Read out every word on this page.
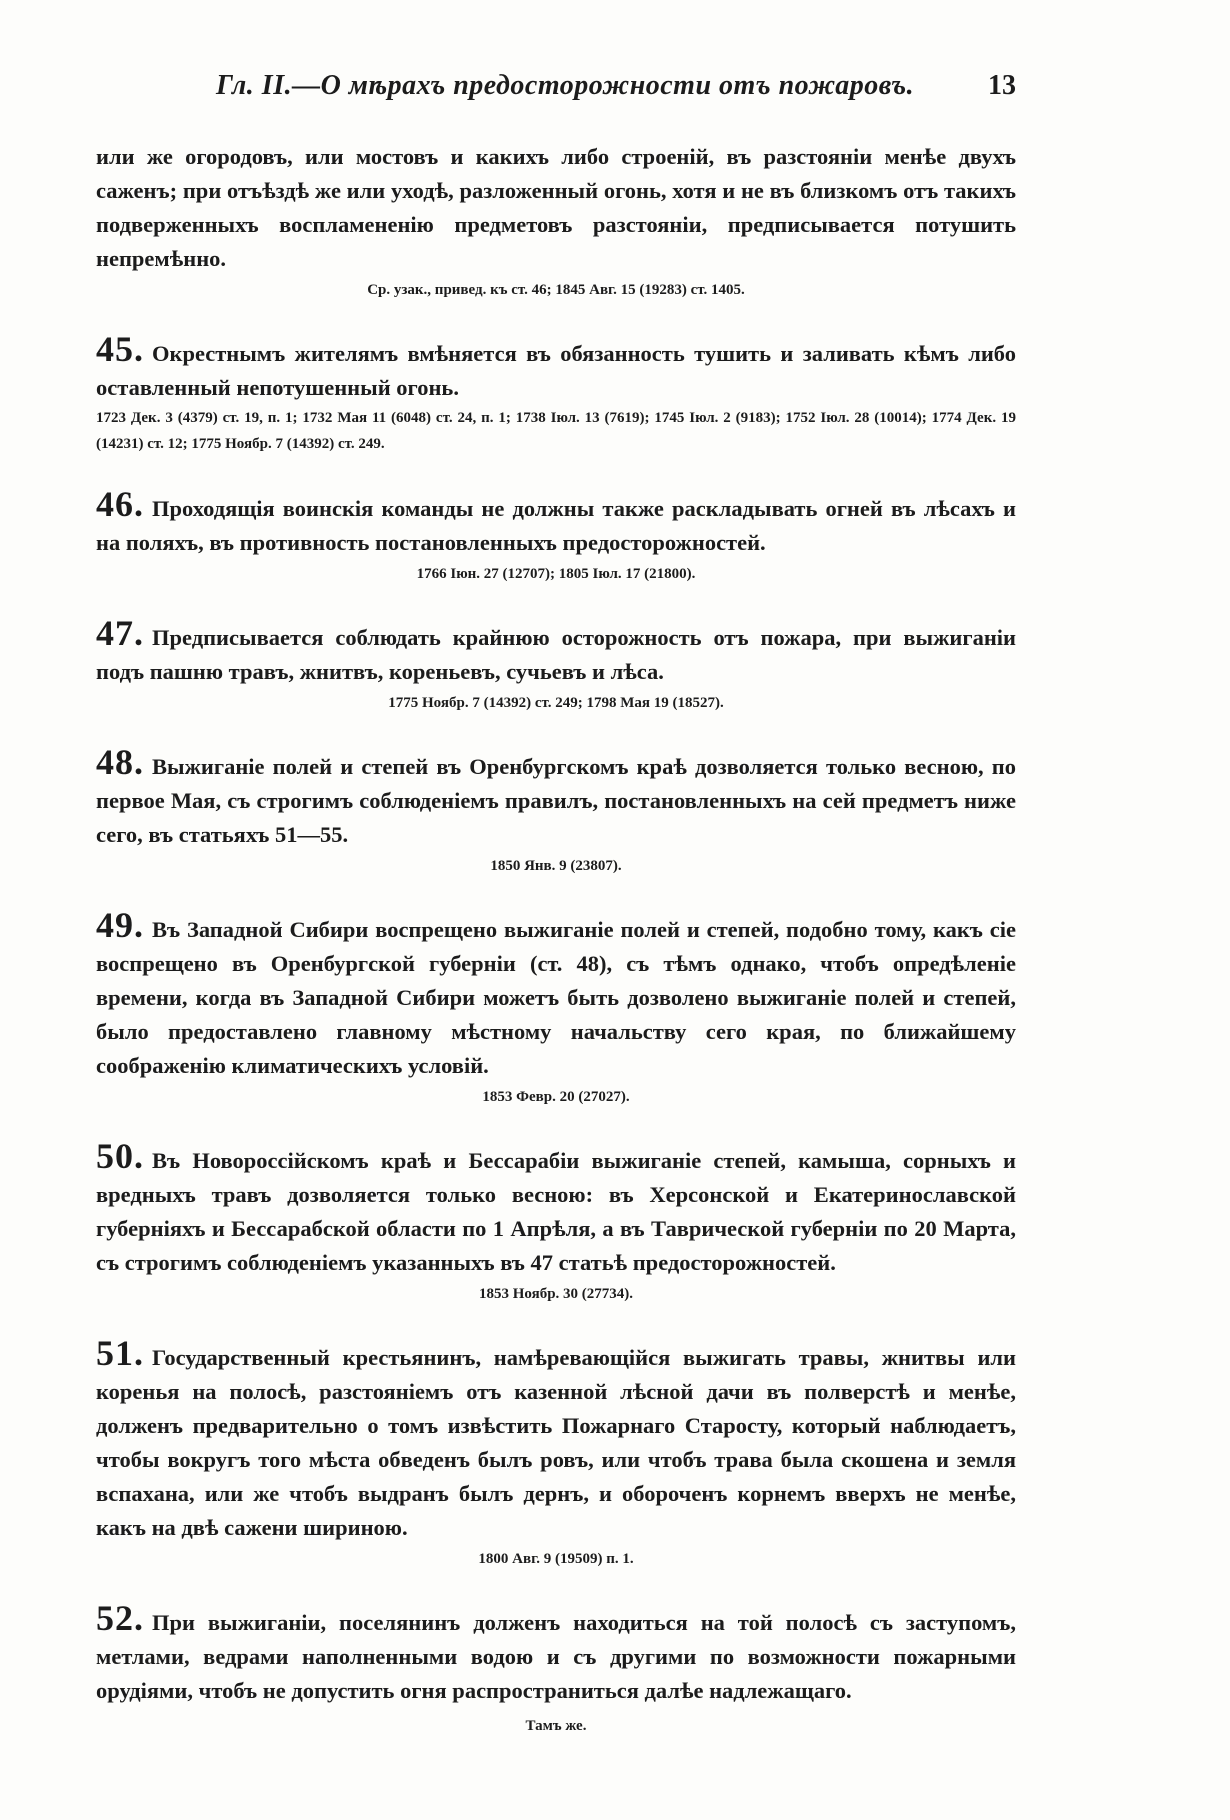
Гл. II.—О мѣрахъ предосторожности отъ пожаровъ.	13

или же огородовъ, или мостовъ и какихъ либо строеній, въ разстояніи менѣе двухъ саженъ; при отъѣздѣ же или уходѣ, разложенный огонь, хотя и не въ близкомъ отъ такихъ подверженныхъ воспламененію предметовъ разстояніи, предписывается потушить непремѣнно.

Ср. узак., привед. къ ст. 46; 1845 Авг. 15 (19283) ст. 1405.

45. Окрестнымъ жителямъ вмѣняется въ обязанность тушить и заливать кѣмъ либо оставленный непотушенный огонь.

1723 Дек. 3 (4379) ст. 19, п. 1; 1732 Мая 11 (6048) ст. 24, п. 1; 1738 Іюл. 13 (7619); 1745 Іюл. 2 (9183); 1752 Іюл. 28 (10014); 1774 Дек. 19 (14231) ст. 12; 1775 Ноябр. 7 (14392) ст. 249.

46. Проходящія воинскія команды не должны также раскладывать огней въ лѣсахъ и на поляхъ, въ противность постановленныхъ предосторожностей.

1766 Іюн. 27 (12707); 1805 Іюл. 17 (21800).

47. Предписывается соблюдать крайнюю осторожность отъ пожара, при выжиганіи подъ пашню травъ, жнитвъ, кореньевъ, сучьевъ и лѣса.

1775 Ноябр. 7 (14392) ст. 249; 1798 Мая 19 (18527).

48. Выжиганіе полей и степей въ Оренбургскомъ краѣ дозволяется только весною, по первое Мая, съ строгимъ соблюденіемъ правилъ, постановленныхъ на сей предметъ ниже сего, въ статьяхъ 51—55.

1850 Янв. 9 (23807).

49. Въ Западной Сибири воспрещено выжиганіе полей и степей, подобно тому, какъ сіе воспрещено въ Оренбургской губерніи (ст. 48), съ тѣмъ однако, чтобъ опредѣленіе времени, когда въ Западной Сибири можетъ быть дозволено выжиганіе полей и степей, было предоставлено главному мѣстному начальству сего края, по ближайшему соображенію климатическихъ условій.

1853 Февр. 20 (27027).

50. Въ Новороссійскомъ краѣ и Бессарабіи выжиганіе степей, камыша, сорныхъ и вредныхъ травъ дозволяется только весною: въ Херсонской и Екатеринославской губерніяхъ и Бессарабской области по 1 Апрѣля, а въ Таврической губерніи по 20 Марта, съ строгимъ соблюденіемъ указанныхъ въ 47 статьѣ предосторожностей.

1853 Ноябр. 30 (27734).

51. Государственный крестьянинъ, намѣревающійся выжигать травы, жнитвы или коренья на полосѣ, разстояніемъ отъ казенной лѣсной дачи въ полверстѣ и менѣе, долженъ предварительно о томъ извѣстить Пожарнаго Старосту, который наблюдаетъ, чтобы вокругъ того мѣста обведенъ былъ ровъ, или чтобъ трава была скошена и земля вспахана, или же чтобъ выдранъ былъ дернъ, и обороченъ корнемъ вверхъ не менѣе, какъ на двѣ сажени шириною.

1800 Авг. 9 (19509) п. 1.

52. При выжиганіи, поселянинъ долженъ находиться на той полосѣ съ заступомъ, метлами, ведрами наполненными водою и съ другими по возможности пожарными орудіями, чтобъ не допустить огня распространиться далѣе надлежащаго.

Тамъ же.
